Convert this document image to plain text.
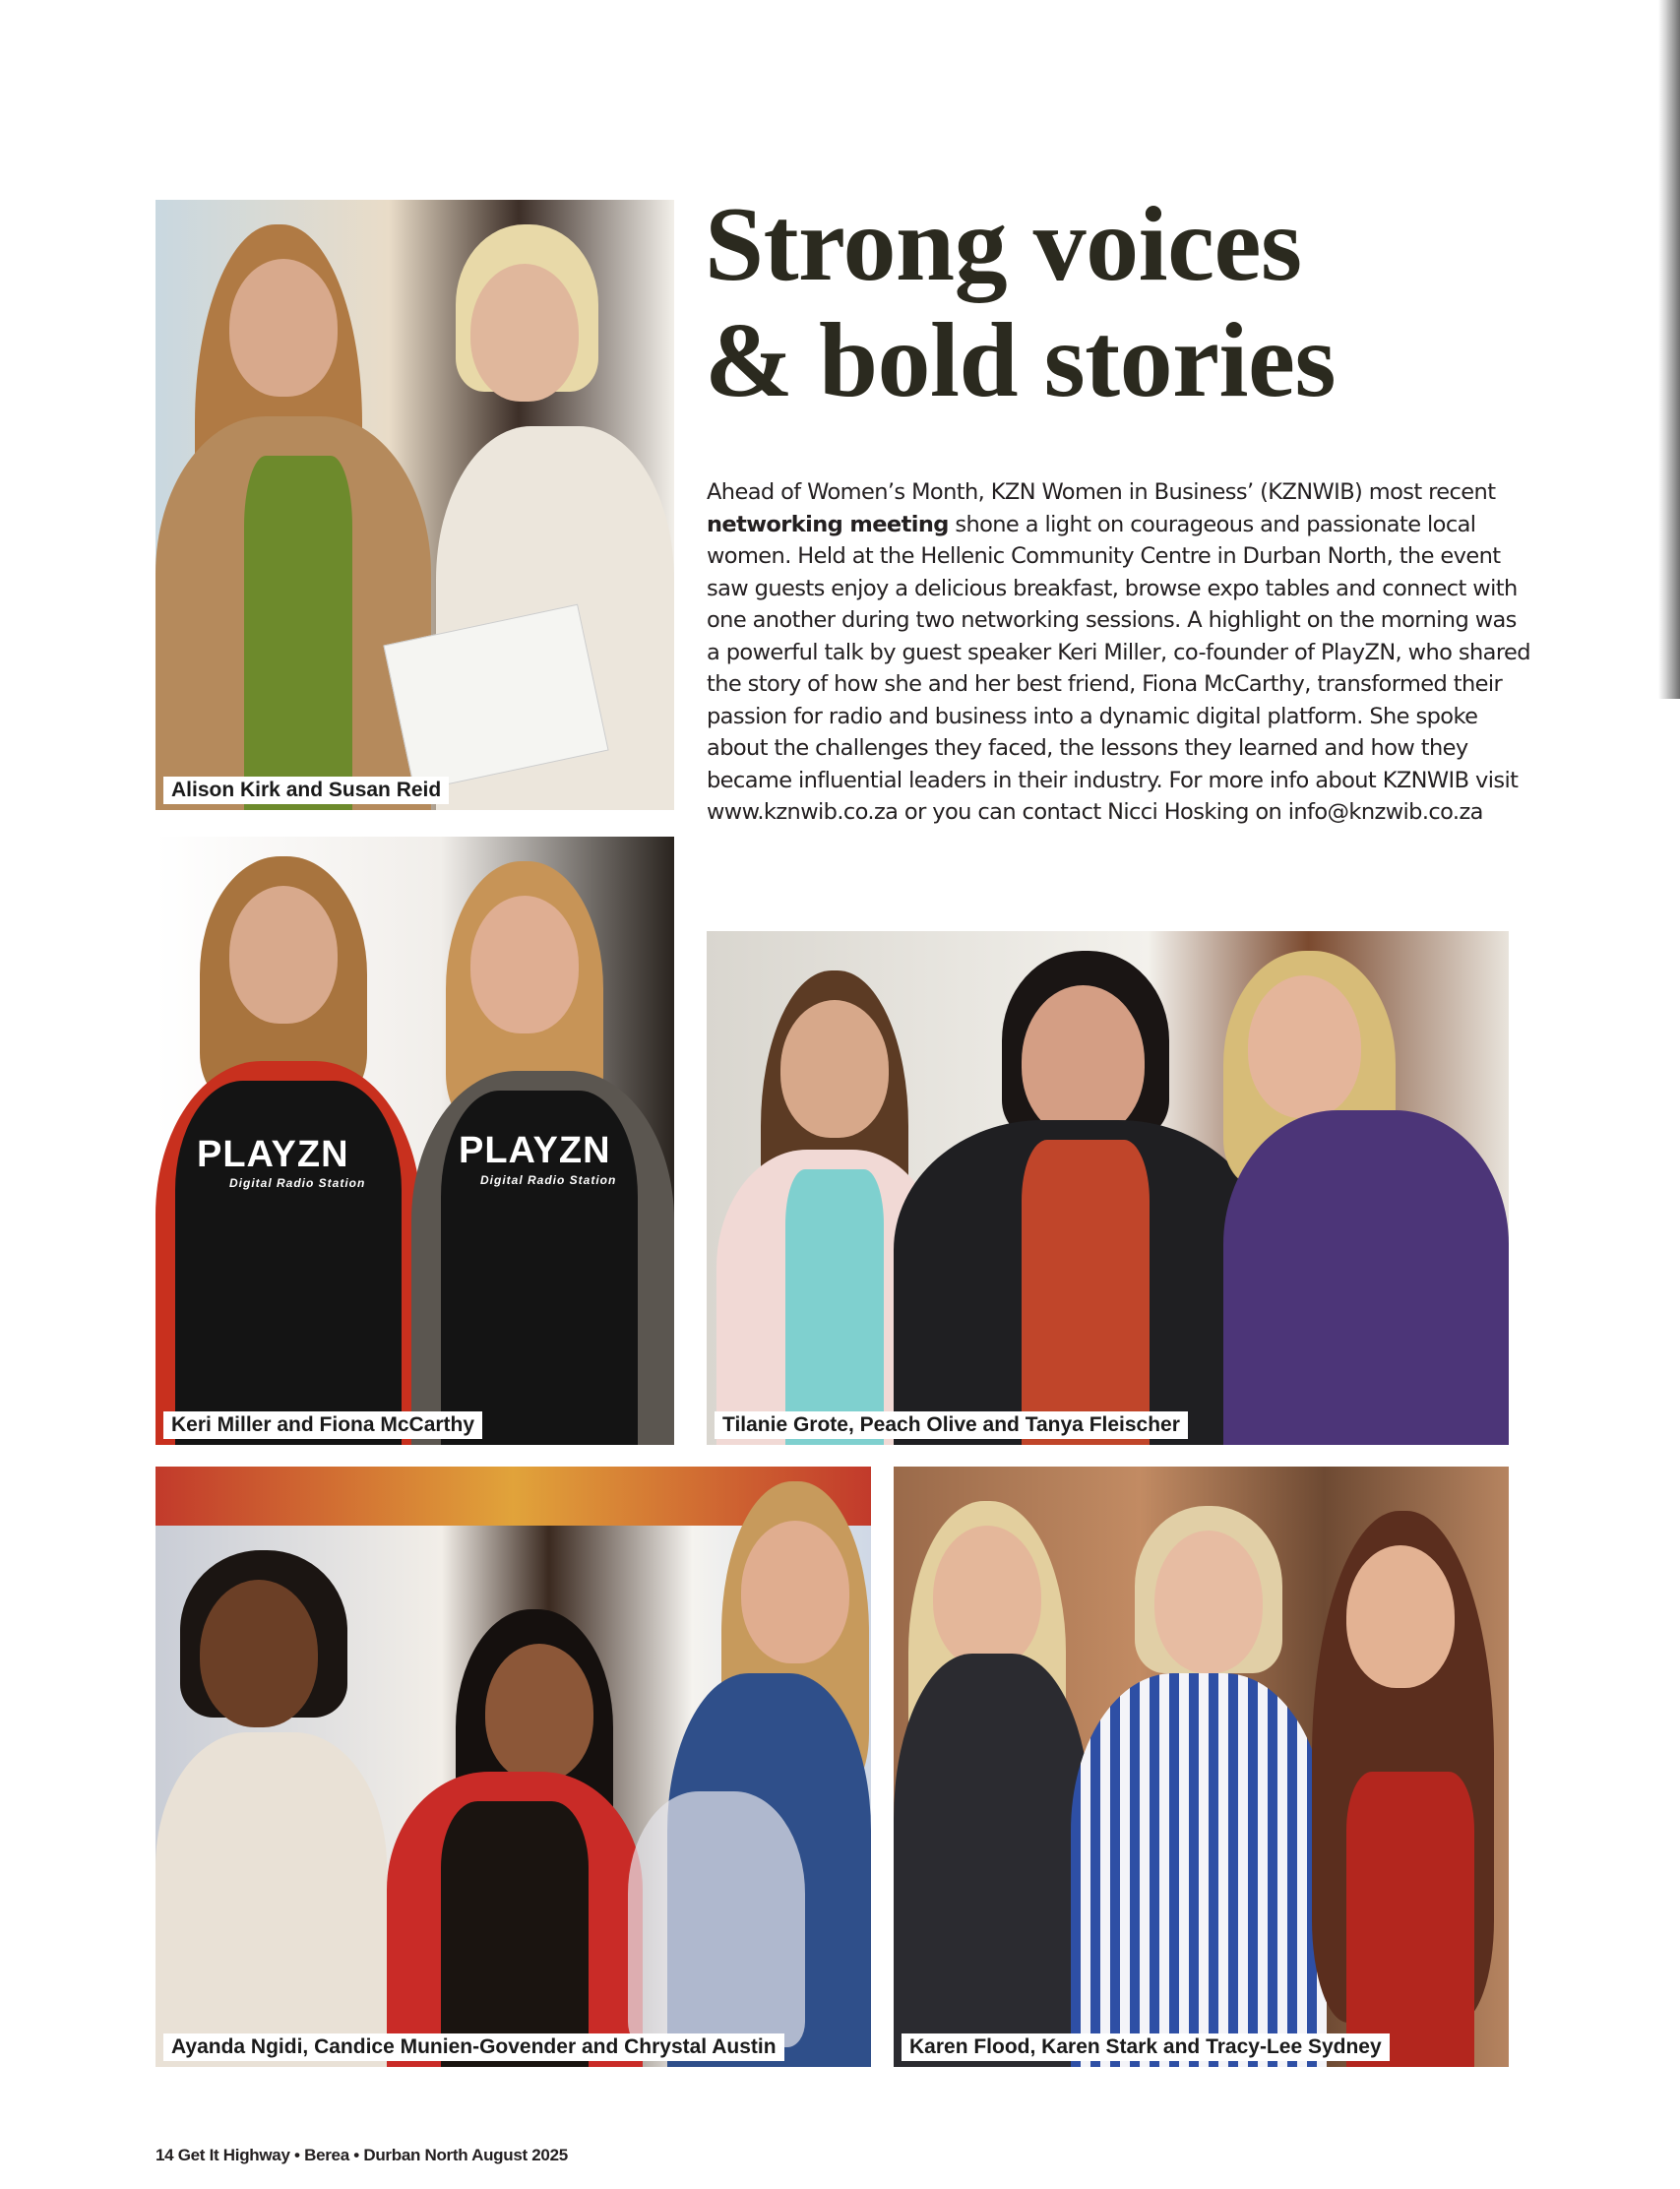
Alison Kirk and Susan Reid
PLAYZN
Digital Radio Station
PLAYZN
Digital Radio Station
Keri Miller and Fiona McCarthy	Tilanie Grote, Peach Olive and Tanya Fleischer
Ayanda Ngidi, Candice Munien-Govender and Chrystal Austin	Karen Flood, Karen Stark and Tracy-Lee Sydney
Strong voices
& bold stories
Ahead of Women’s Month, KZN Women in Business’ (KZNWIB) most recent networking meeting shone a light on courageous and passionate local women. Held at the Hellenic Community Centre in Durban North, the event saw guests enjoy a delicious breakfast, browse expo tables and connect with one another during two networking sessions. A highlight on the morning was a powerful talk by guest speaker Keri Miller, co-founder of PlayZN, who shared the story of how she and her best friend, Fiona McCarthy, transformed their passion for radio and business into a dynamic digital platform. She spoke about the challenges they faced, the lessons they learned and how they became influential leaders in their industry. For more info about KZNWIB visit www.kznwib.co.za or you can contact Nicci Hosking on info@knzwib.co.za
14 Get It Highway • Berea • Durban North August 2025
